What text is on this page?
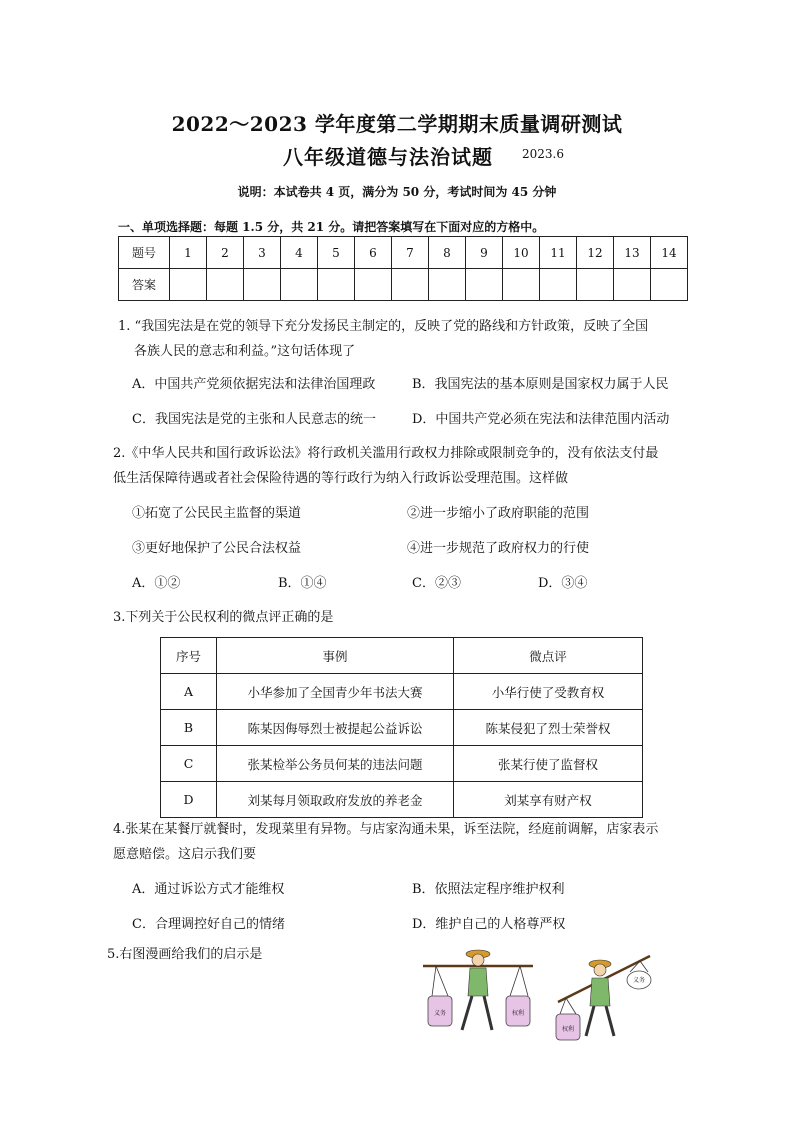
2022～2023 学年度第二学期期末质量调研测试
八年级道德与法治试题 2023.6
说明：本试卷共 4 页，满分为 50 分，考试时间为 45 分钟
一、单项选择题：每题 1.5 分，共 21 分。请把答案填写在下面对应的方格中。
题号	1	2	3	4	5	6	7	8	9	10	11	12	13	14
答案														
1. “我国宪法是在党的领导下充分发扬民主制定的，反映了党的路线和方针政策，反映了全国
各族人民的意志和利益。”这句话体现了
A．中国共产党须依据宪法和法律治国理政	B．我国宪法的基本原则是国家权力属于人民
C．我国宪法是党的主张和人民意志的统一	D．中国共产党必须在宪法和法律范围内活动
2.《中华人民共和国行政诉讼法》将行政机关滥用行政权力排除或限制竞争的，没有依法支付最
低生活保障待遇或者社会保险待遇的等行政行为纳入行政诉讼受理范围。这样做
①拓宽了公民民主监督的渠道	②进一步缩小了政府职能的范围
③更好地保护了公民合法权益	④进一步规范了政府权力的行使
A．①②	B．①④	C．②③	D．③④
3.下列关于公民权利的微点评正确的是
序号	事例	微点评
A	小华参加了全国青少年书法大赛	小华行使了受教育权
B	陈某因侮辱烈士被提起公益诉讼	陈某侵犯了烈士荣誉权
C	张某检举公务员何某的违法问题	张某行使了监督权
D	刘某每月领取政府发放的养老金	刘某享有财产权
4.张某在某餐厅就餐时，发现菜里有异物。与店家沟通未果，诉至法院，经庭前调解，店家表示
愿意赔偿。这启示我们要
A．通过诉讼方式才能维权	B．依照法定程序维护权利
C．合理调控好自己的情绪	D．维护自己的人格尊严权
5.右图漫画给我们的启示是
义务	权利
义务
权利
